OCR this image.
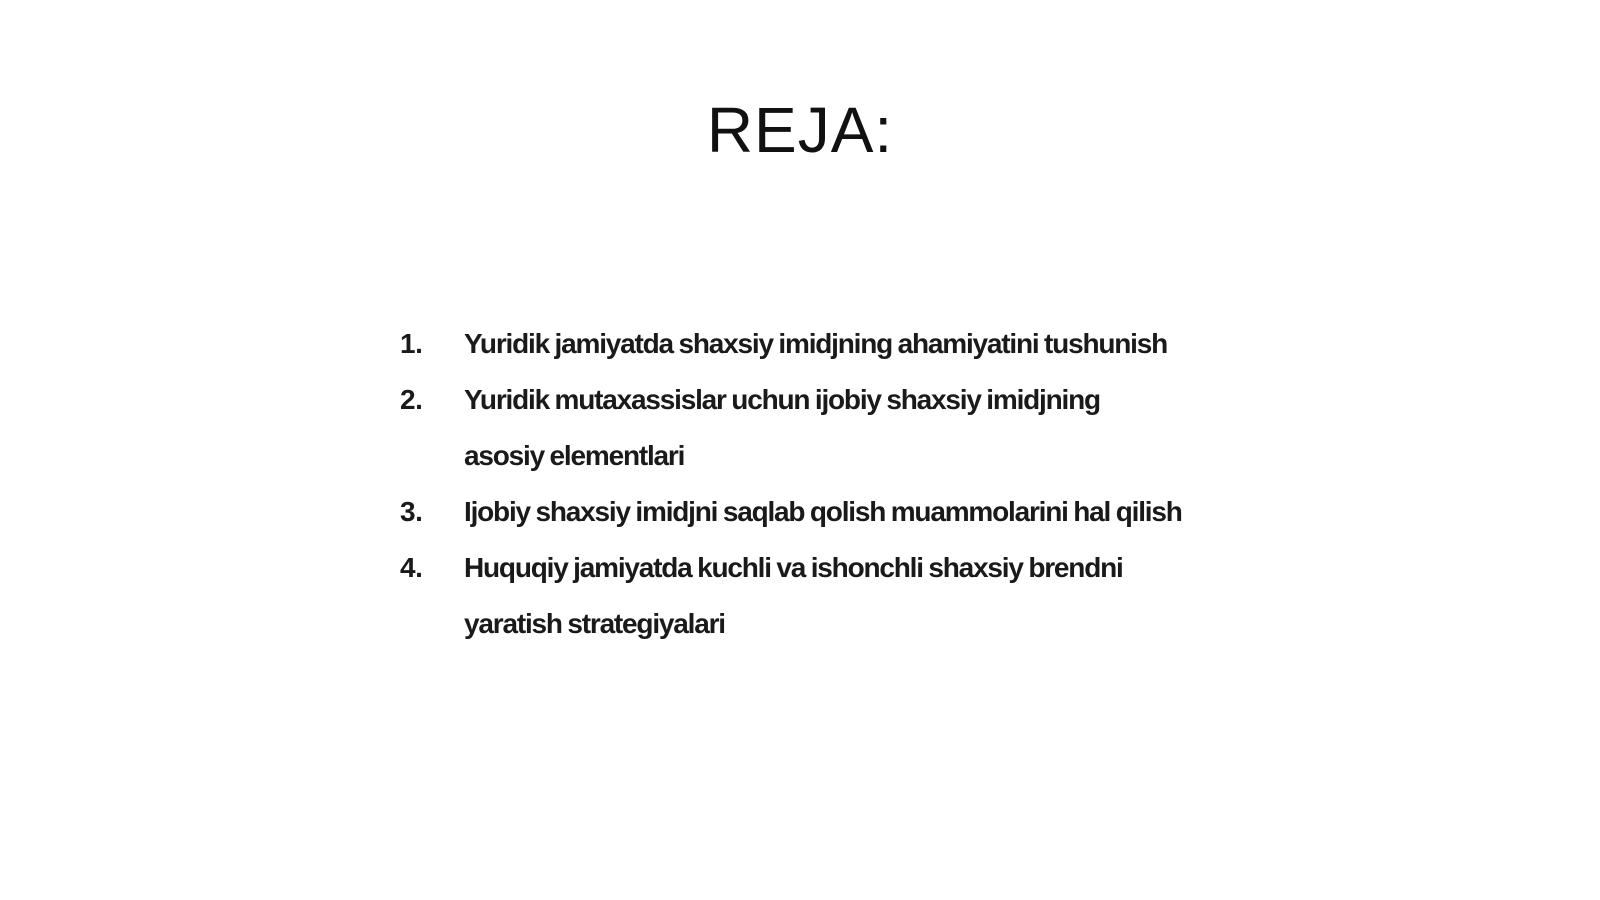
REJA:
1.	Yuridik jamiyatda shaxsiy imidjning ahamiyatini tushunish
2.	Yuridik mutaxassislar uchun ijobiy shaxsiy imidjning asosiy elementlari
3.	Ijobiy shaxsiy imidjni saqlab qolish muammolarini hal qilish
4.	Huquqiy jamiyatda kuchli va ishonchli shaxsiy brendni yaratish strategiyalari
